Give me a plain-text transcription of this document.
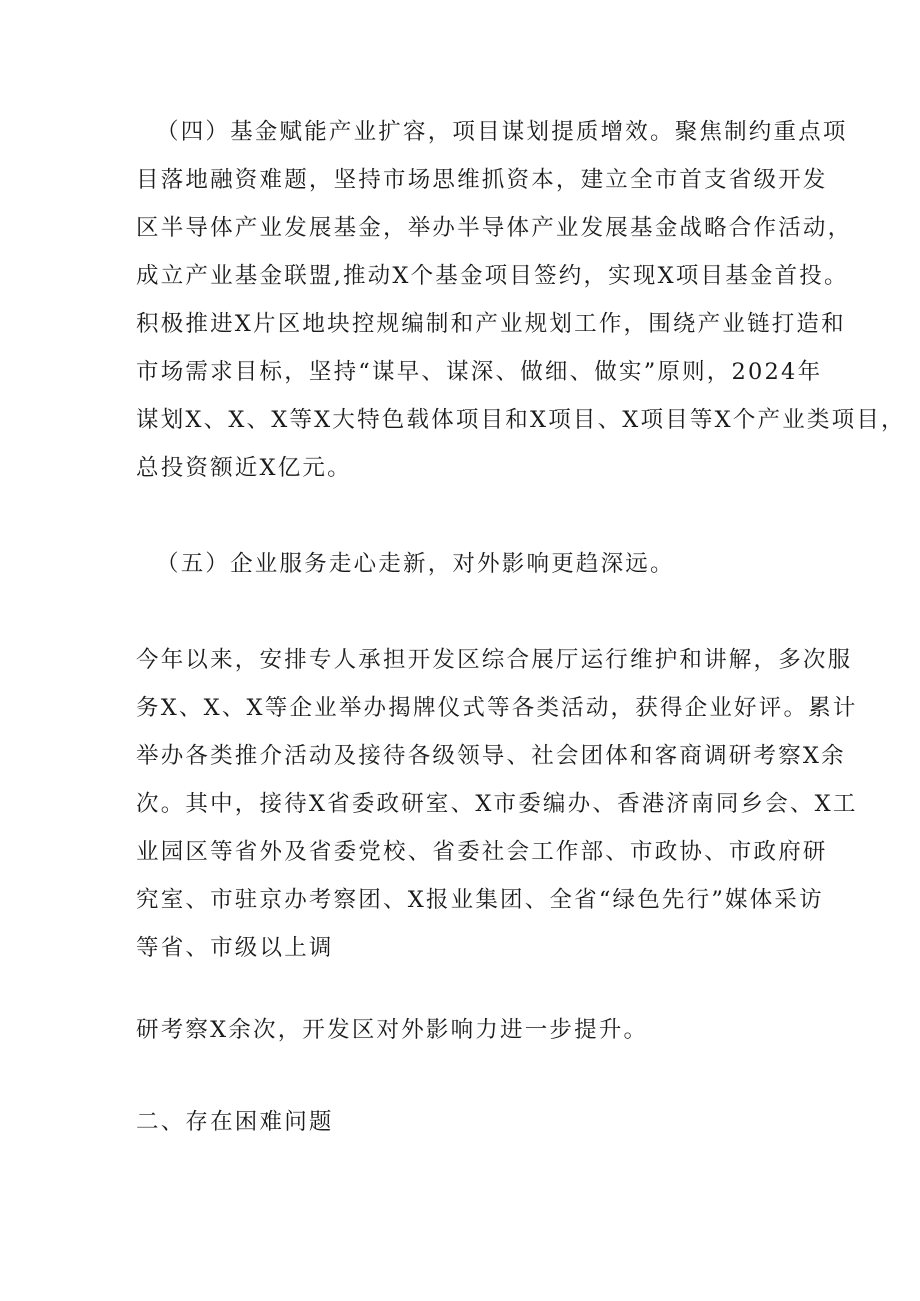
（四）基金赋能产业扩容，项目谋划提质增效。聚焦制约重点项
目落地融资难题，坚持市场思维抓资本，建立全市首支省级开发
区半导体产业发展基金，举办半导体产业发展基金战略合作活动，
成立产业基金联盟,推动X个基金项目签约，实现X项目基金首投。
积极推进X片区地块控规编制和产业规划工作，围绕产业链打造和
市场需求目标，坚持“谋早、谋深、做细、做实”原则，2024年
谋划X、X、X等X大特色载体项目和X项目、X项目等X个产业类项目，
总投资额近X亿元。
（五）企业服务走心走新，对外影响更趋深远。
今年以来，安排专人承担开发区综合展厅运行维护和讲解，多次服
务X、X、X等企业举办揭牌仪式等各类活动，获得企业好评。累计
举办各类推介活动及接待各级领导、社会团体和客商调研考察X余
次。其中，接待X省委政研室、X市委编办、香港济南同乡会、X工
业园区等省外及省委党校、省委社会工作部、市政协、市政府研
究室、市驻京办考察团、X报业集团、全省“绿色先行”媒体采访
等省、市级以上调
研考察X余次，开发区对外影响力进一步提升。
二、存在困难问题
